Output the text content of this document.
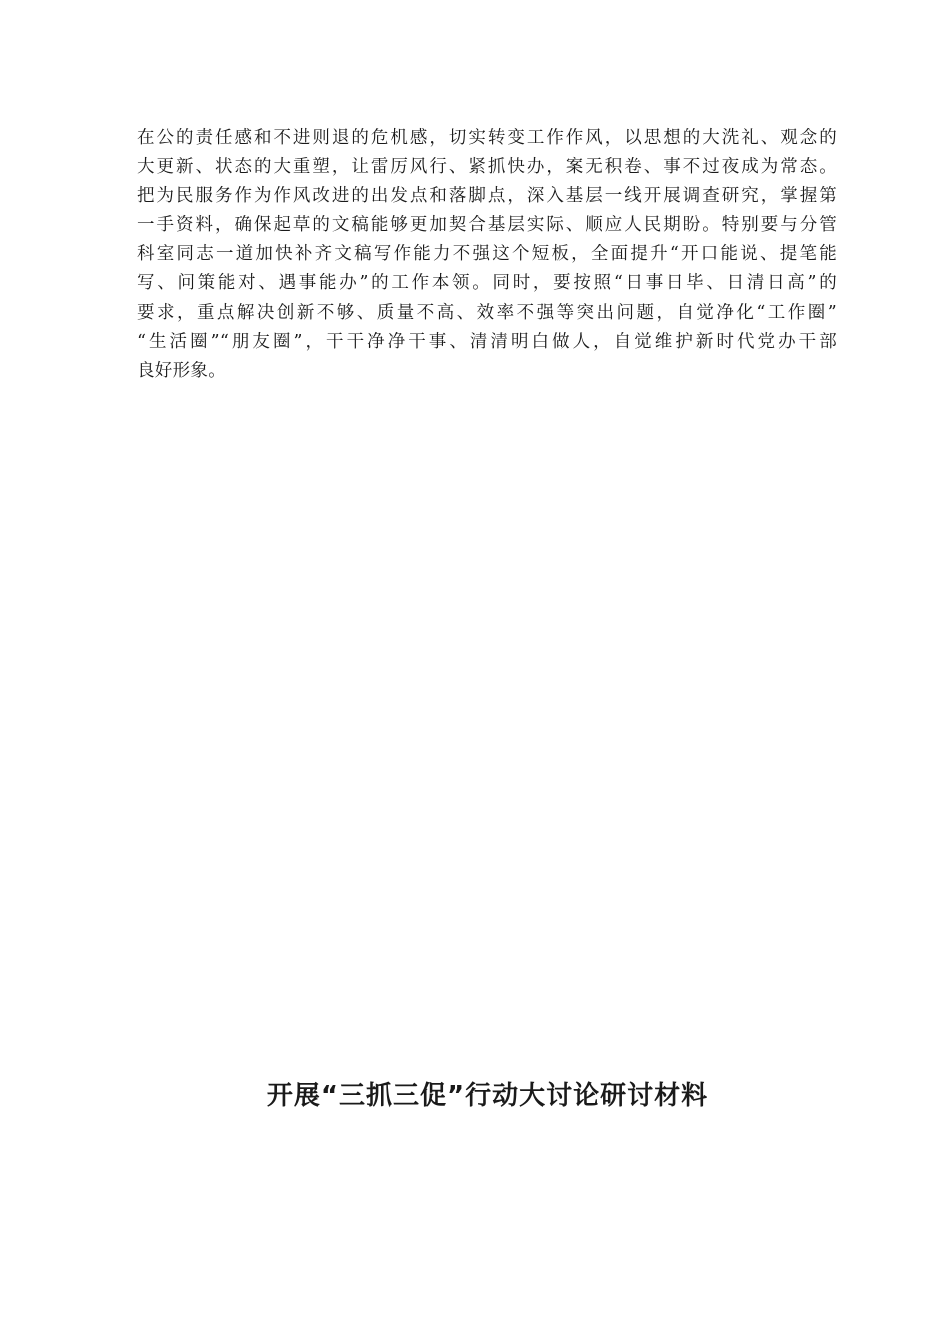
在公的责任感和不进则退的危机感，切实转变工作作风，以思想的大洗礼、观念的
大更新、状态的大重塑，让雷厉风行、紧抓快办，案无积卷、事不过夜成为常态。
把为民服务作为作风改进的出发点和落脚点，深入基层一线开展调查研究，掌握第
一手资料，确保起草的文稿能够更加契合基层实际、顺应人民期盼。特别要与分管
科室同志一道加快补齐文稿写作能力不强这个短板，全面提升“开口能说、提笔能
写、问策能对、遇事能办”的工作本领。同时，要按照“日事日毕、日清日高”的
要求，重点解决创新不够、质量不高、效率不强等突出问题，自觉净化“工作圈”
“生活圈”“朋友圈”，干干净净干事、清清明白做人，自觉维护新时代党办干部
良好形象。

开展“三抓三促”行动大讨论研讨材料
